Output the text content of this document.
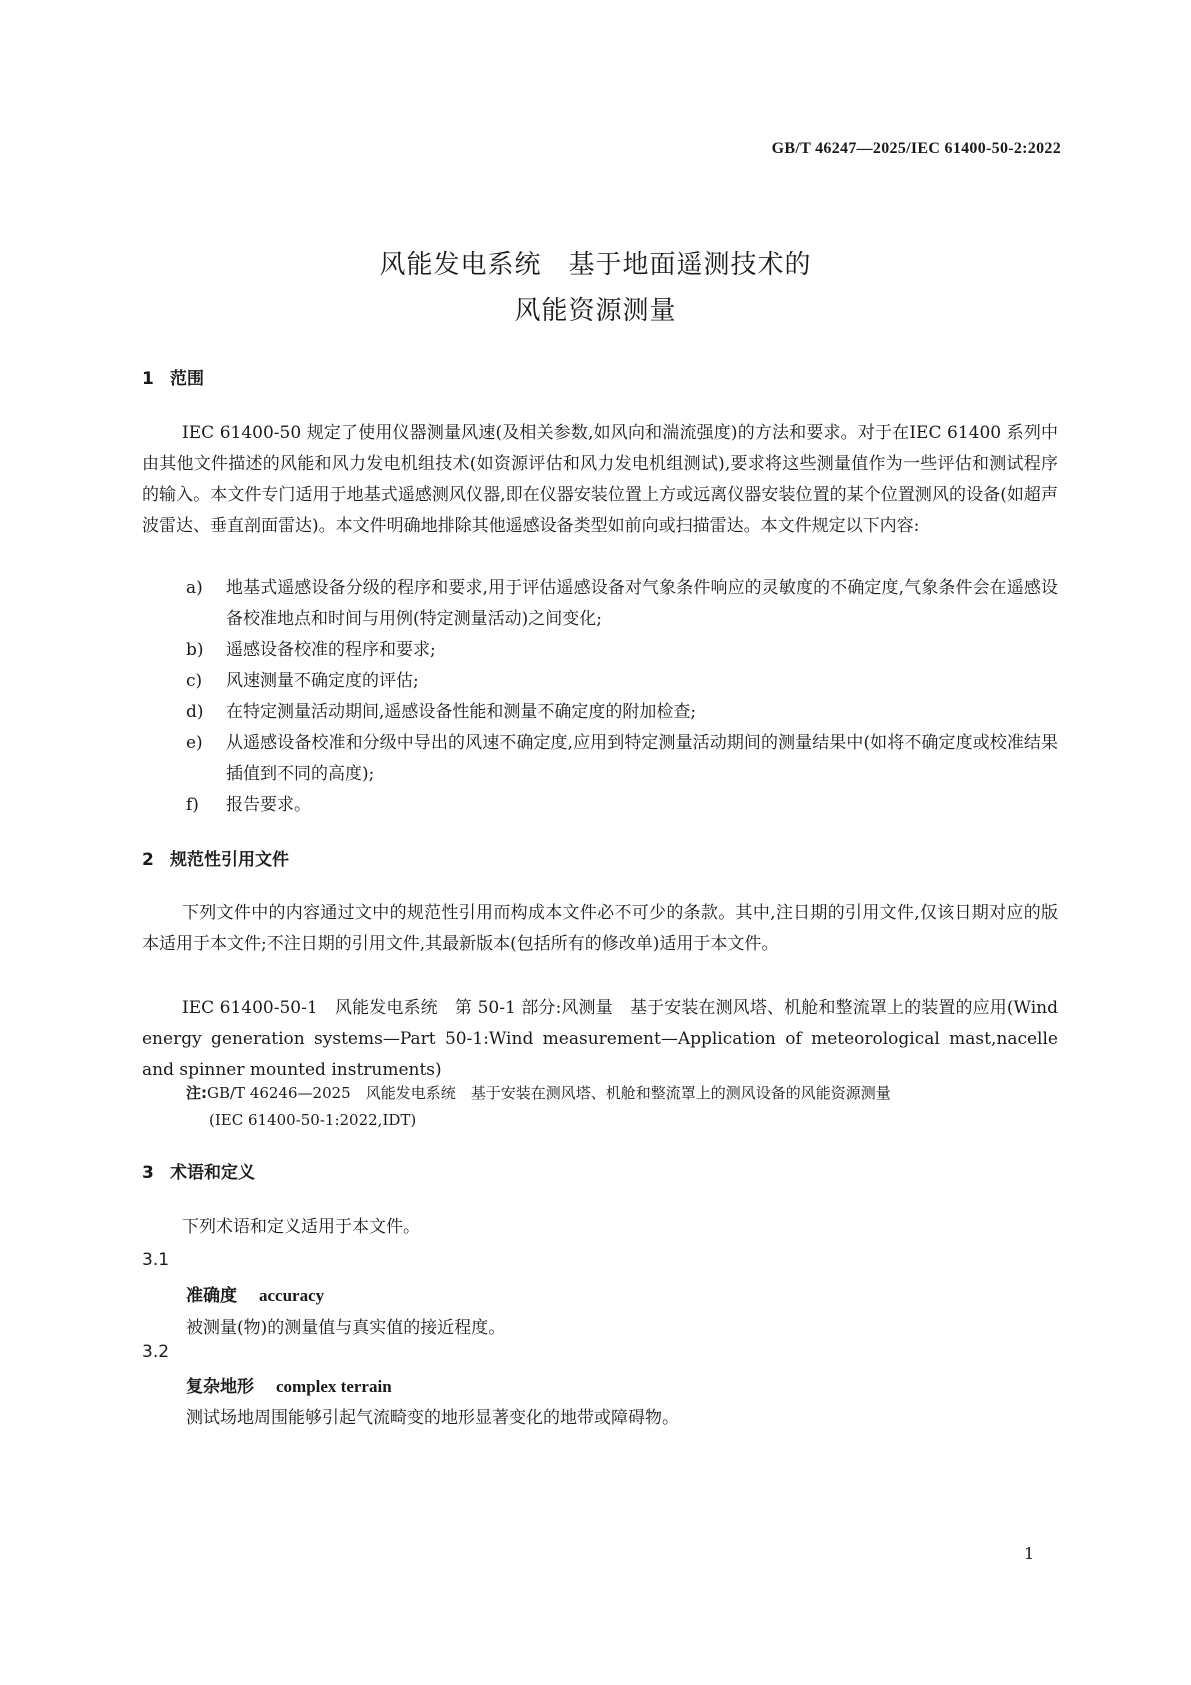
GB/T 46247—2025/IEC 61400-50-2:2022
风能发电系统　基于地面遥测技术的
风能资源测量
1 范围
IEC 61400-50 规定了使用仪器测量风速(及相关参数,如风向和湍流强度)的方法和要求。对于在IEC 61400 系列中由其他文件描述的风能和风力发电机组技术(如资源评估和风力发电机组测试),要求将这些测量值作为一些评估和测试程序的输入。本文件专门适用于地基式遥感测风仪器,即在仪器安装位置上方或远离仪器安装位置的某个位置测风的设备(如超声波雷达、垂直剖面雷达)。本文件明确地排除其他遥感设备类型如前向或扫描雷达。本文件规定以下内容:
a)	地基式遥感设备分级的程序和要求,用于评估遥感设备对气象条件响应的灵敏度的不确定度,气象条件会在遥感设备校准地点和时间与用例(特定测量活动)之间变化;
b)	遥感设备校准的程序和要求;
c)	风速测量不确定度的评估;
d)	在特定测量活动期间,遥感设备性能和测量不确定度的附加检查;
e)	从遥感设备校准和分级中导出的风速不确定度,应用到特定测量活动期间的测量结果中(如将不确定度或校准结果插值到不同的高度);
f)	报告要求。
2 规范性引用文件
下列文件中的内容通过文中的规范性引用而构成本文件必不可少的条款。其中,注日期的引用文件,仅该日期对应的版本适用于本文件;不注日期的引用文件,其最新版本(包括所有的修改单)适用于本文件。
IEC 61400-50-1　风能发电系统　第 50-1 部分:风测量　基于安装在测风塔、机舱和整流罩上的装置的应用(Wind energy generation systems—Part 50-1:Wind measurement—Application of meteorological mast,nacelle and spinner mounted instruments)
注:GB/T 46246—2025　风能发电系统　基于安装在测风塔、机舱和整流罩上的测风设备的风能资源测量
(IEC 61400-50-1:2022,IDT)
3 术语和定义
下列术语和定义适用于本文件。
3.1
准确度 accuracy
被测量(物)的测量值与真实值的接近程度。
3.2
复杂地形 complex terrain
测试场地周围能够引起气流畸变的地形显著变化的地带或障碍物。
1
